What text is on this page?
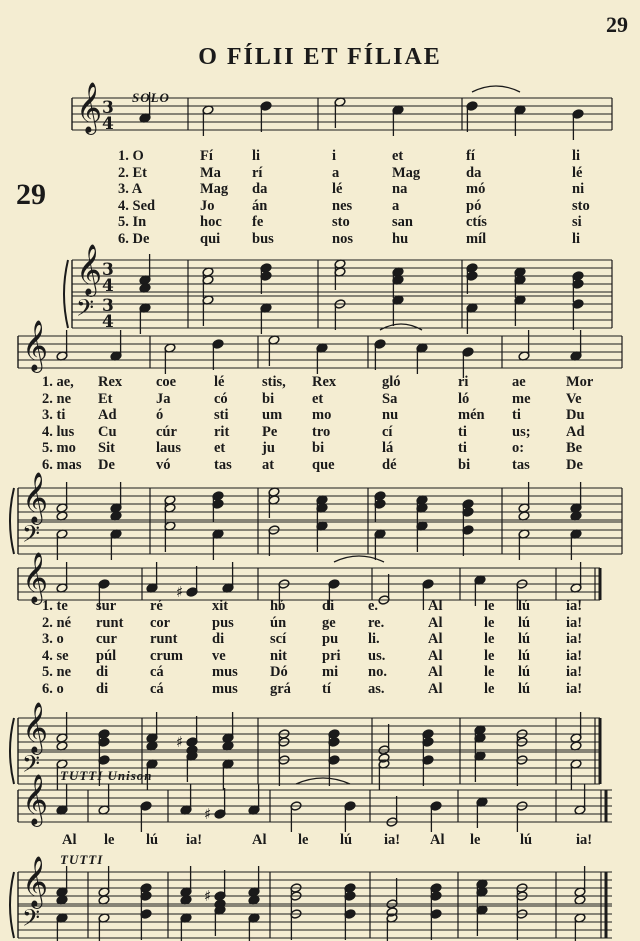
29
O FÍLII ET FÍLIAE
29
SOLO
TUTTI Unison
TUTTI
𝄞
𝄞
𝄢
3
4
3
4
3
4
𝄞
𝄞
𝄢
𝄞
𝄞
𝄢
♯
♯
𝄞
𝄞
𝄢
♯
♯
1. O	Fí	li	i	et	fí	li
2. Et	Ma rí	a	Mag	da	lé
3. A	Mag da	lé	na	mó	ni
4. Sed	Jo	án	nes	a	pó	sto
5. In	hoc fe	sto	san	ctís	si
6. De	qui bus	nos	hu	míl	li
1. ae, Rex coe	lé	stis, Rex	gló	ri	ae	Mor
2. ne Et	Ja	có bi	et	Sa	ló	me Ve
3. ti Ad	ó	sti um mo	nu	mén ti	Du
4. lus Cu	cúr	rit Pe tro	cí	ti	us; Ad
5. mo Sit	laus et	ju	bi	lá	ti	o:	Be
6. mas De	vó	tas at	que	dé	bi	tas	De
1. te sur ré	xit	hó	di e.	Al	le lú ia!
2. né runt cor	pus ún ge re.	Al	le lú ia!
3. o cur runt di	scí pu li.	Al	le lú ia!
4. se púl crum ve	nit pri us.	Al	le lú ia!
5. ne di	cá	mus Dó mi no.	Al	le lú ia!
6. o di	cá	mus grá tí	as.	Al	le lú ia!
Al le lú ia!	Al le lú ia! Al le	lú	ia!
